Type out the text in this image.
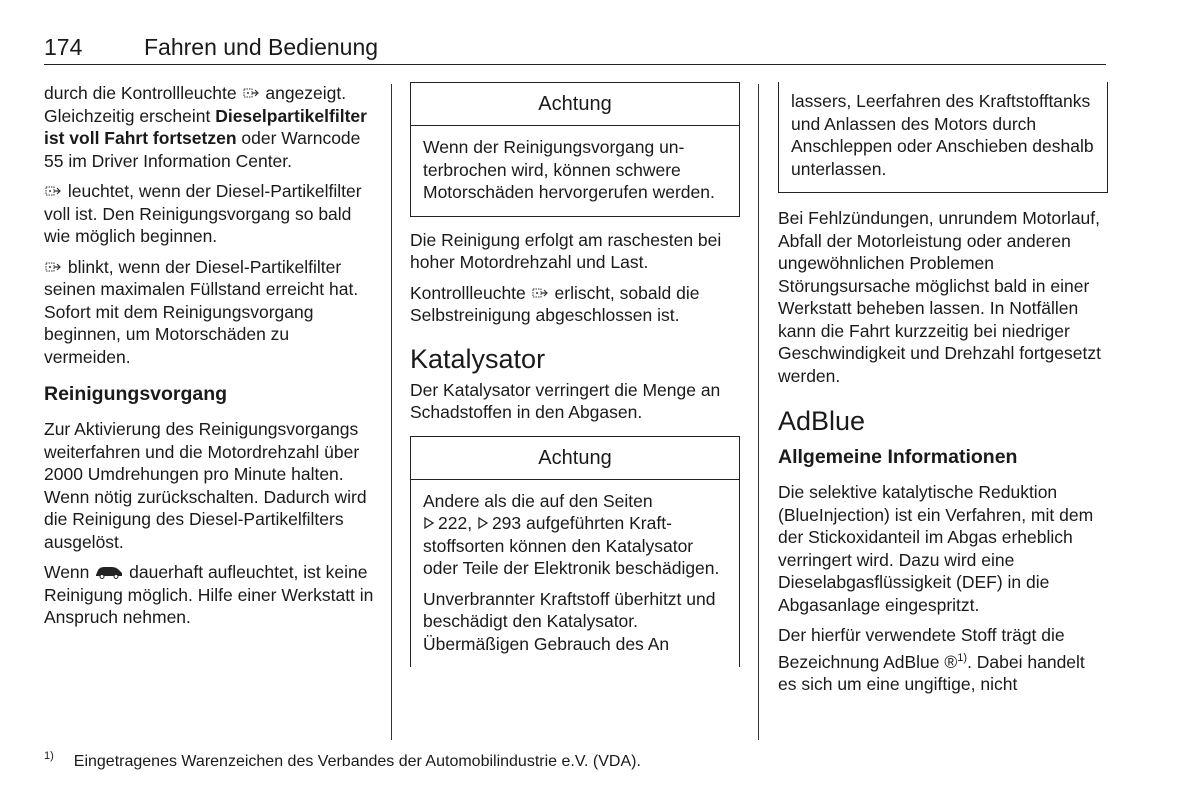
174	Fahren und Bedienung

durch die Kontrollleuchte  angezeigt. Gleichzeitig erscheint Dieselpartikelfilter ist voll Fahrt fortsetzen oder Warncode 55 im Driver Information Center.

leuchtet, wenn der Diesel-Partikelfilter voll ist. Den Reinigungsvorgang so bald wie möglich beginnen.

blinkt, wenn der Diesel-Partikelfilter seinen maximalen Füllstand erreicht hat. Sofort mit dem Reinigungsvorgang beginnen, um Motorschäden zu vermeiden.

Reinigungsvorgang

Zur Aktivierung des Reinigungsvorgangs weiterfahren und die Motordrehzahl über 2000 Umdrehungen pro Minute halten. Wenn nötig zurückschalten. Dadurch wird die Reinigung des Diesel-Partikelfilters ausgelöst.

Wenn  dauerhaft aufleuchtet, ist keine Reinigung möglich. Hilfe einer Werkstatt in Anspruch nehmen.

Achtung

Wenn der Reinigungsvorgang unterbrochen wird, können schwere Motorschäden hervorgerufen werden.

Die Reinigung erfolgt am raschesten bei hoher Motordrehzahl und Last.

Kontrollleuchte  erlischt, sobald die Selbstreinigung abgeschlossen ist.

Katalysator

Der Katalysator verringert die Menge an Schadstoffen in den Abgasen.

Achtung

Andere als die auf den Seiten
222, 293 aufgeführten Kraftstoffsorten können den Katalysator oder Teile der Elektronik beschädigen.

Unverbrannter Kraftstoff überhitzt und beschädigt den Katalysator. Übermäßigen Gebrauch des An

lassers, Leerfahren des Kraftstofftanks und Anlassen des Motors durch Anschleppen oder Anschieben deshalb unterlassen.

Bei Fehlzündungen, unrundem Motorlauf, Abfall der Motorleistung oder anderen ungewöhnlichen Problemen Störungsursache möglichst bald in einer Werkstatt beheben lassen. In Notfällen kann die Fahrt kurzzeitig bei niedriger Geschwindigkeit und Drehzahl fortgesetzt werden.

AdBlue
Allgemeine Informationen

Die selektive katalytische Reduktion (BlueInjection) ist ein Verfahren, mit dem der Stickoxidanteil im Abgas erheblich verringert wird. Dazu wird eine Dieselabgasflüssigkeit (DEF) in die Abgasanlage eingespritzt.

Der hierfür verwendete Stoff trägt die Bezeichnung AdBlue ®$^{1)}$. Dabei handelt es sich um eine ungiftige, nicht

$^{1)}$ Eingetragenes Warenzeichen des Verbandes der Automobilindustrie e.V. (VDA).
